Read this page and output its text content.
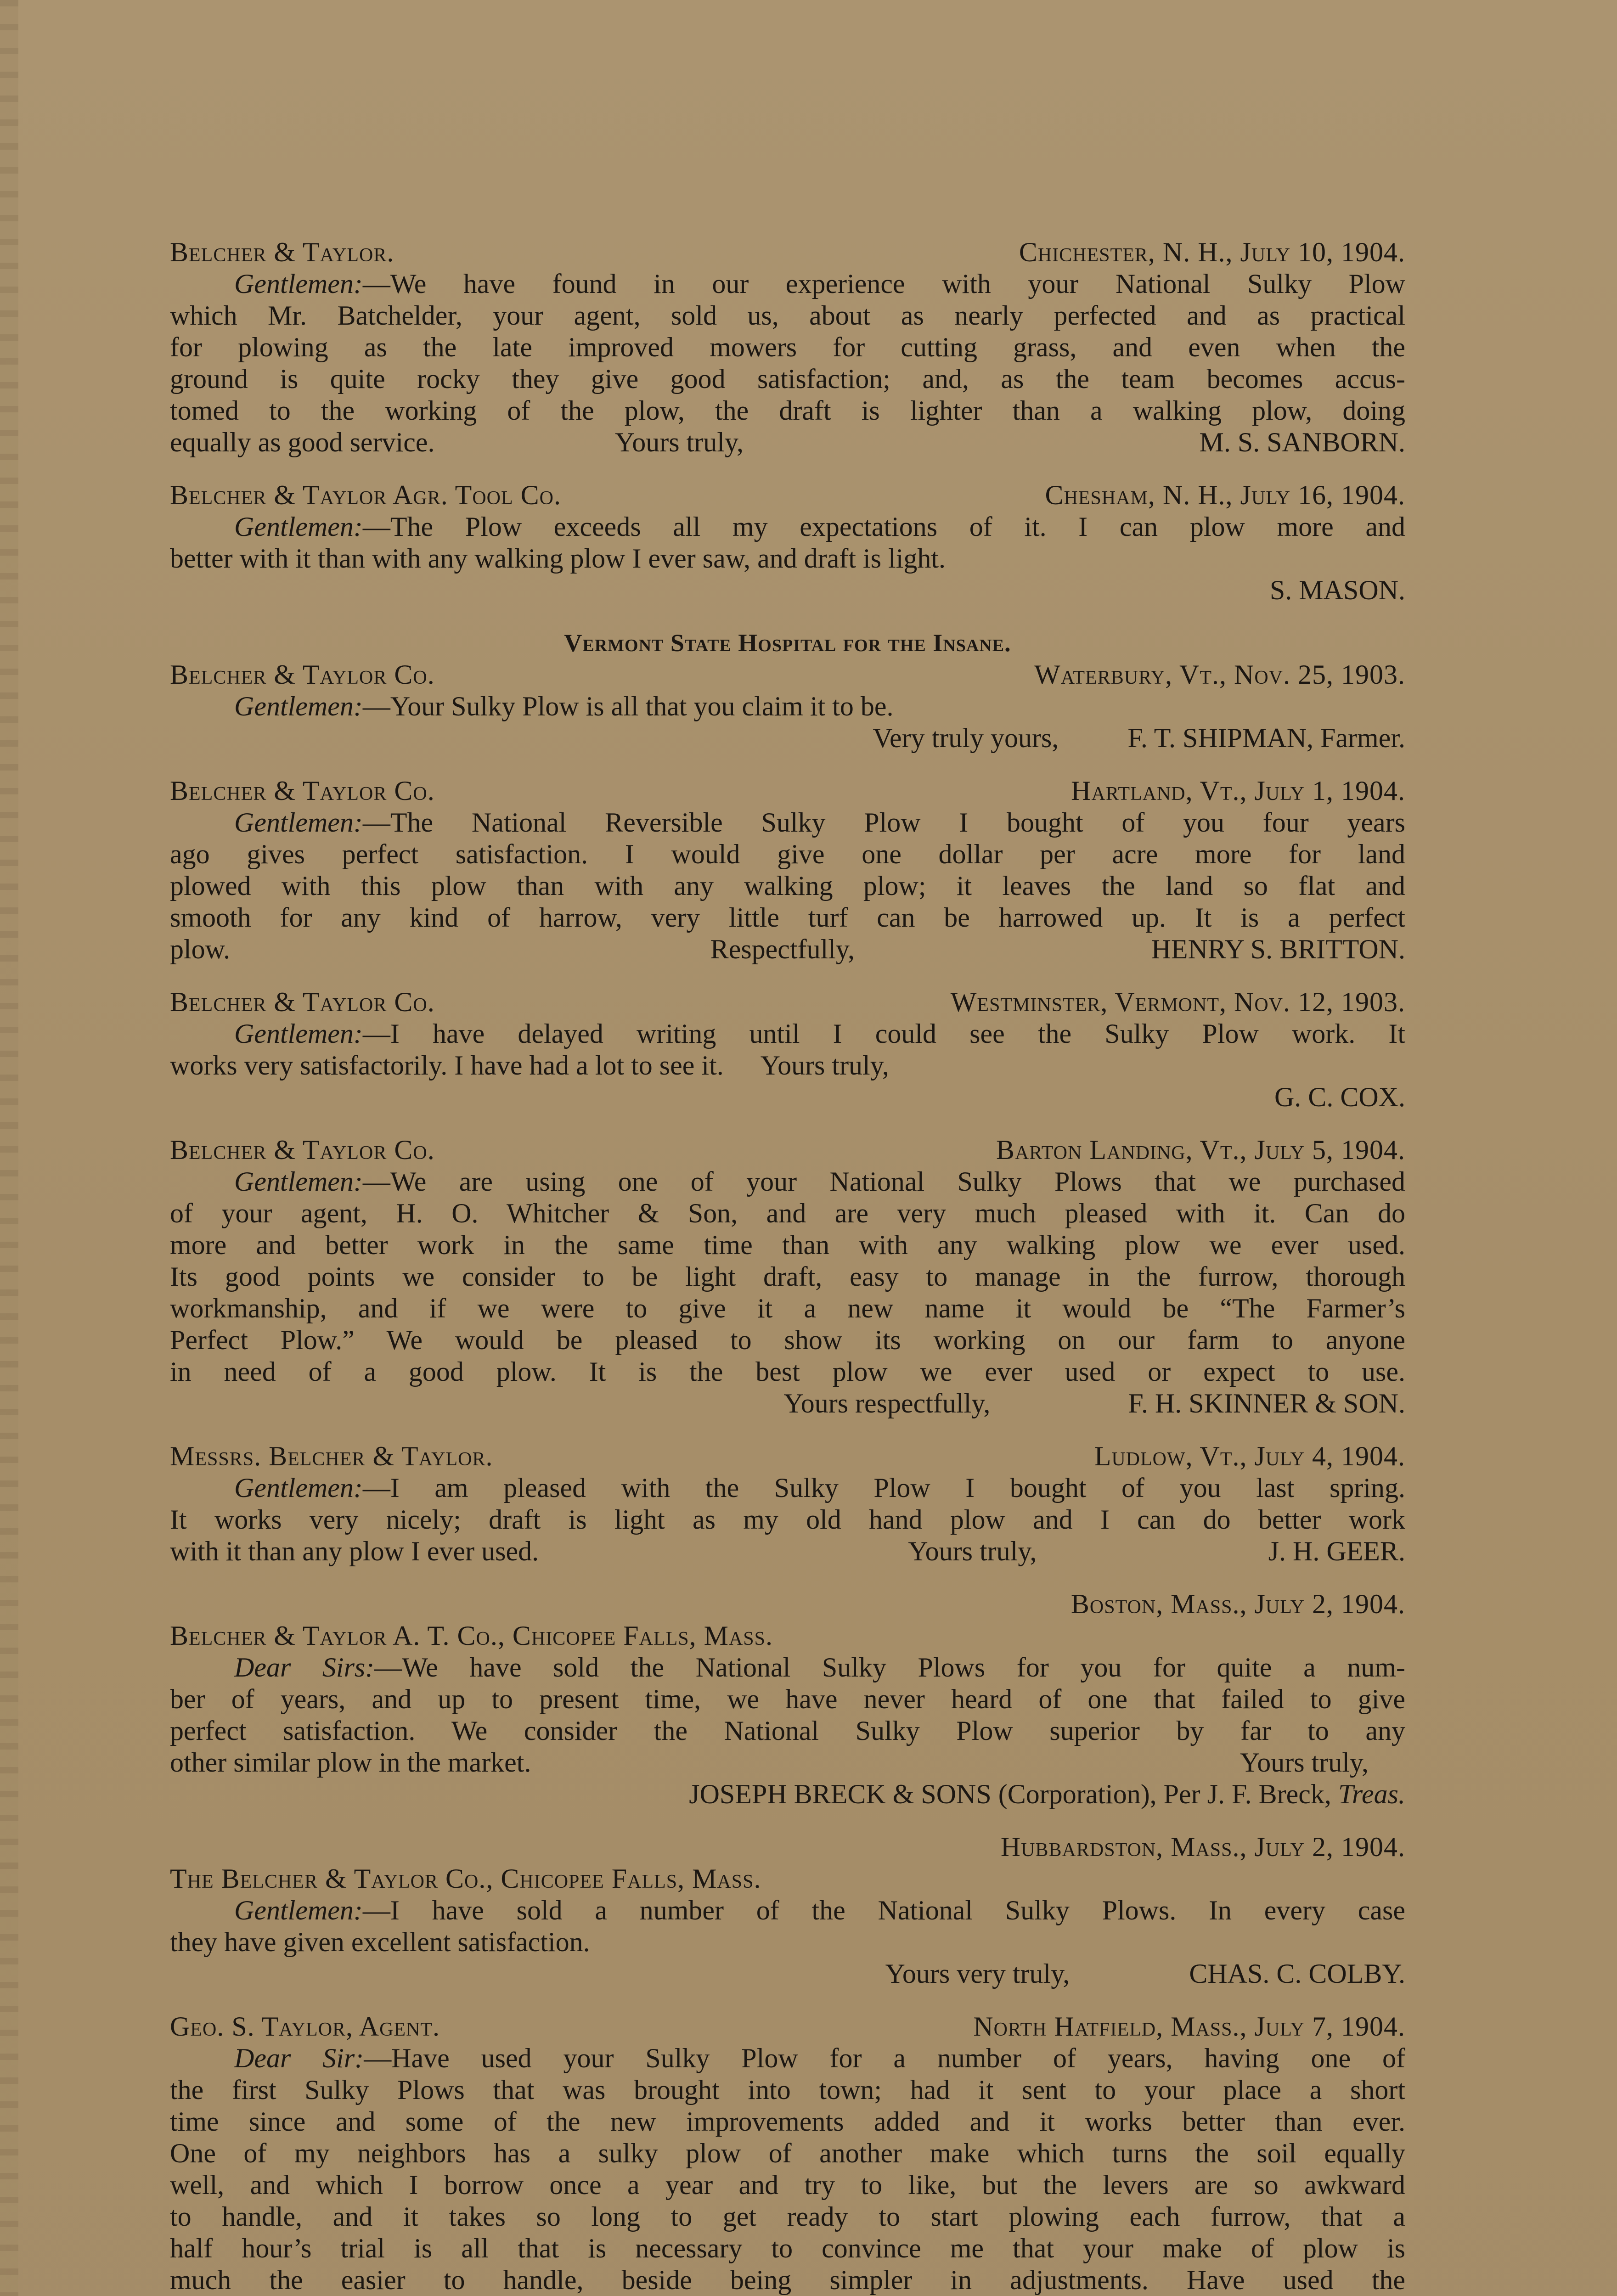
Belcher & Taylor.	Chichester, N. H., July 10, 1904.
Gentlemen:—We have found in our experience with your National Sulky Plow
which Mr. Batchelder, your agent, sold us, about as nearly perfected and as practical
for plowing as the late improved mowers for cutting grass, and even when the
ground is quite rocky they give good satisfaction; and, as the team becomes accus-
tomed to the working of the plow, the draft is lighter than a walking plow, doing
equally as good service.	Yours truly,	M. S. SANBORN.
Belcher & Taylor Agr. Tool Co.	Chesham, N. H., July 16, 1904.
Gentlemen:—The Plow exceeds all my expectations of it. I can plow more and
better with it than with any walking plow I ever saw, and draft is light.
S. MASON.
Vermont State Hospital for the Insane.
Belcher & Taylor Co.	Waterbury, Vt., Nov. 25, 1903.
Gentlemen:—Your Sulky Plow is all that you claim it to be.
Very truly yours,	F. T. SHIPMAN, Farmer.
Belcher & Taylor Co.	Hartland, Vt., July 1, 1904.
Gentlemen:—The National Reversible Sulky Plow I bought of you four years
ago gives perfect satisfaction. I would give one dollar per acre more for land
plowed with this plow than with any walking plow; it leaves the land so flat and
smooth for any kind of harrow, very little turf can be harrowed up. It is a perfect
plow.	Respectfully,	HENRY S. BRITTON.
Belcher & Taylor Co.	Westminster, Vermont, Nov. 12, 1903.
Gentlemen:—I have delayed writing until I could see the Sulky Plow work. It
works very satisfactorily. I have had a lot to see it. Yours truly,
G. C. COX.
Belcher & Taylor Co.	Barton Landing, Vt., July 5, 1904.
Gentlemen:—We are using one of your National Sulky Plows that we purchased
of your agent, H. O. Whitcher & Son, and are very much pleased with it. Can do
more and better work in the same time than with any walking plow we ever used.
Its good points we consider to be light draft, easy to manage in the furrow, thorough
workmanship, and if we were to give it a new name it would be “The Farmer’s
Perfect Plow.” We would be pleased to show its working on our farm to anyone
in need of a good plow. It is the best plow we ever used or expect to use.
Yours respectfully,	F. H. SKINNER & SON.
Messrs. Belcher & Taylor.	Ludlow, Vt., July 4, 1904.
Gentlemen:—I am pleased with the Sulky Plow I bought of you last spring.
It works very nicely; draft is light as my old hand plow and I can do better work
with it than any plow I ever used.	Yours truly,	J. H. GEER.
Boston, Mass., July 2, 1904.
Belcher & Taylor A. T. Co., Chicopee Falls, Mass.
Dear Sirs:—We have sold the National Sulky Plows for you for quite a num-
ber of years, and up to present time, we have never heard of one that failed to give
perfect satisfaction. We consider the National Sulky Plow superior by far to any
other similar plow in the market.	Yours truly,
JOSEPH BRECK & SONS (Corporation), Per J. F. Breck, Treas.
Hubbardston, Mass., July 2, 1904.
The Belcher & Taylor Co., Chicopee Falls, Mass.
Gentlemen:—I have sold a number of the National Sulky Plows. In every case
they have given excellent satisfaction.
Yours very truly,	CHAS. C. COLBY.
Geo. S. Taylor, Agent.	North Hatfield, Mass., July 7, 1904.
Dear Sir:—Have used your Sulky Plow for a number of years, having one of
the first Sulky Plows that was brought into town; had it sent to your place a short
time since and some of the new improvements added and it works better than ever.
One of my neighbors has a sulky plow of another make which turns the soil equally
well, and which I borrow once a year and try to like, but the levers are so awkward
to handle, and it takes so long to get ready to start plowing each furrow, that a
half hour’s trial is all that is necessary to convince me that your make of plow is
much the easier to handle, beside being simpler in adjustments. Have used the
